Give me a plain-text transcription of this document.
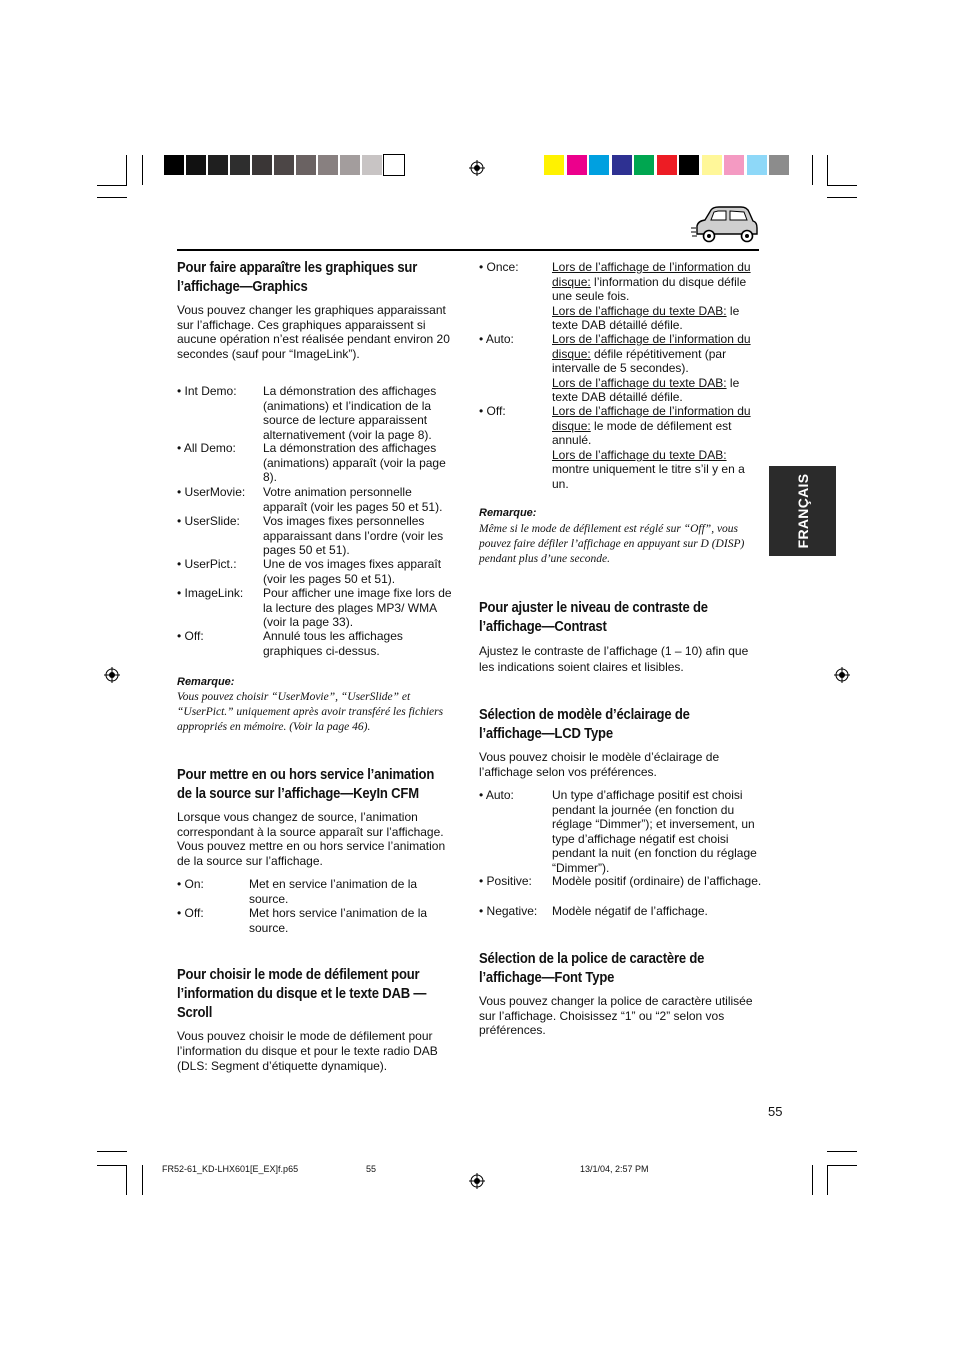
FRANÇAIS
Pour faire apparaître les graphiques sur l’affichage—Graphics

Vous pouvez changer les graphiques apparaissant sur l’affichage. Ces graphiques apparaissent si aucune opération n’est réalisée pendant environ 20 secondes (sauf pour “ImageLink”).

• Int Demo: La démonstration des affichages (animations) et l’indication de la source de lecture apparaissent alternativement (voir la page 8).
• All Demo: La démonstration des affichages (animations) apparaît (voir la page 8).
• UserMovie: Votre animation personnelle apparaît (voir les pages 50 et 51).
• UserSlide: Vos images fixes personnelles apparaissant dans l’ordre (voir les pages 50 et 51).
• UserPict.: Une de vos images fixes apparaît (voir les pages 50 et 51).
• ImageLink: Pour afficher une image fixe lors de la lecture des plages MP3/ WMA (voir la page 33).
• Off:	Annulé tous les affichages graphiques ci-dessus.
Remarque:

Vous pouvez choisir “UserMovie”, “UserSlide” et “UserPict.” uniquement après avoir transféré les fichiers appropriés en mémoire. (Voir la page 46).

Pour mettre en ou hors service l’animation de la source sur l’affichage—KeyIn CFM

Lorsque vous changez de source, l’animation correspondant à la source apparaît sur l’affichage. Vous pouvez mettre en ou hors service l’animation de la source sur l’affichage.

• On:	Met en service l’animation de la source.
• Off:	Met hors service l’animation de la source.
Pour choisir le mode de défilement pour l’information du disque et le texte DAB —Scroll

Vous pouvez choisir le mode de défilement pour l’information du disque et pour le texte radio DAB (DLS: Segment d’étiquette dynamique).

• Once:	Lors de l’affichage de l’information du disque: l’information du disque défile une seule fois.
Lors de l’affichage du texte DAB: le texte DAB détaillé défile.
• Auto:	Lors de l’affichage de l’information du disque: défile répétitivement (par intervalle de 5 secondes).
Lors de l’affichage du texte DAB: le texte DAB détaillé défile.
• Off:	Lors de l’affichage de l’information du disque: le mode de défilement est annulé.
Lors de l’affichage du texte DAB: montre uniquement le titre s’il y en a un.
Remarque:

Même si le mode de défilement est réglé sur “Off”, vous pouvez faire défiler l’affichage en appuyant sur D (DISP) pendant plus d’une seconde.

Pour ajuster le niveau de contraste de l’affichage—Contrast

Ajustez le contraste de l’affichage (1 – 10) afin que les indications soient claires et lisibles.

Sélection de modèle d’éclairage de l’affichage—LCD Type

Vous pouvez choisir le modèle d’éclairage de l’affichage selon vos préférences.

• Auto:	Un type d’affichage positif est choisi pendant la journée (en fonction du réglage “Dimmer”); et inversement, un type d’affichage négatif est choisi pendant la nuit (en fonction du réglage “Dimmer”).
• Positive: Modèle positif (ordinaire) de l’affichage.
• Negative: Modèle négatif de l’affichage.
Sélection de la police de caractère de l’affichage—Font Type

Vous pouvez changer la police de caractère utilisée sur l’affichage. Choisissez “1” ou “2” selon vos préférences.

55
FR52-61_KD-LHX601[E_EX]f.p65	55	13/1/04, 2:57 PM
